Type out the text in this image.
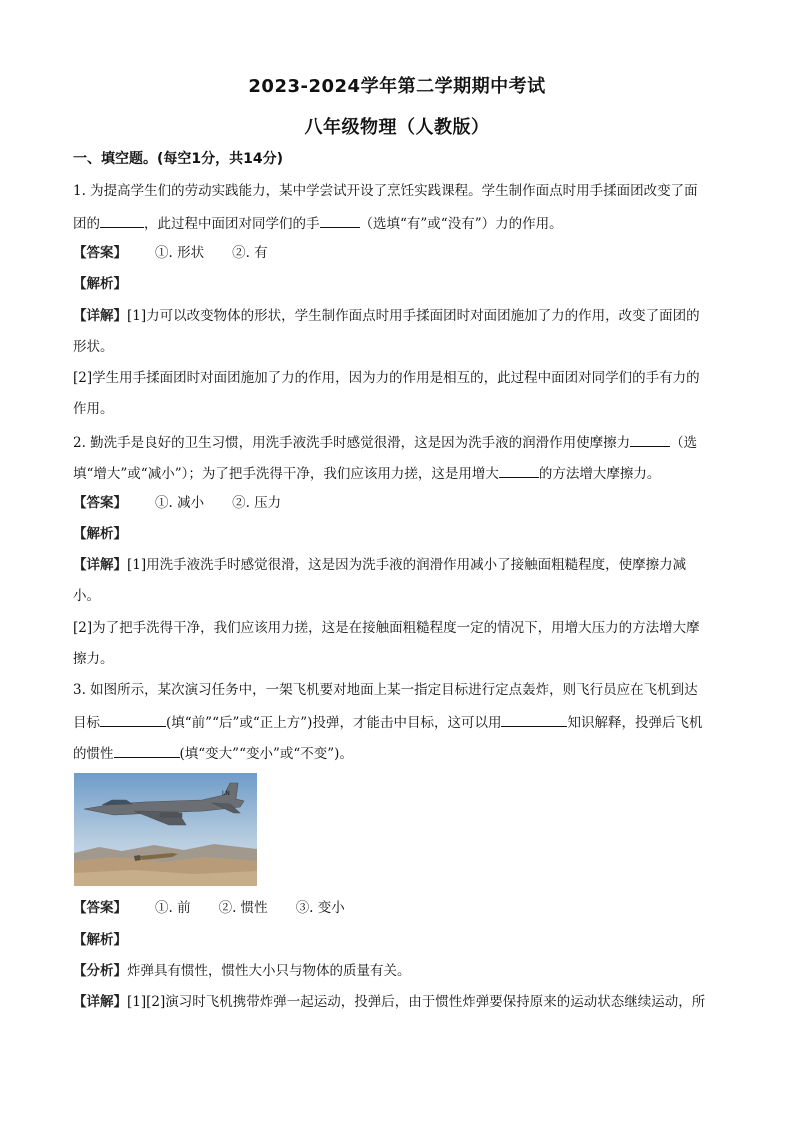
2023-2024学年第二学期期中考试
八年级物理（人教版）
一、填空题。(每空1分，共14分)
1. 为提高学生们的劳动实践能力，某中学尝试开设了烹饪实践课程。学生制作面点时用手揉面团改变了面
团的	，此过程中面团对同学们的手	（选填“有”或“没有”）力的作用。
【答案】 ①. 形状 ②. 有
【解析】
【详解】[1]力可以改变物体的形状，学生制作面点时用手揉面团时对面团施加了力的作用，改变了面团的
形状。
[2]学生用手揉面团时对面团施加了力的作用，因为力的作用是相互的，此过程中面团对同学们的手有力的
作用。
2. 勤洗手是良好的卫生习惯，用洗手液洗手时感觉很滑，这是因为洗手液的润滑作用使摩擦力	（选
填“增大”或“减小”）；为了把手洗得干净，我们应该用力搓，这是用增大	的方法增大摩擦力。
【答案】 ①. 减小 ②. 压力
【解析】
【详解】[1]用洗手液洗手时感觉很滑，这是因为洗手液的润滑作用减小了接触面粗糙程度，使摩擦力减
小。
[2]为了把手洗得干净，我们应该用力搓，这是在接触面粗糙程度一定的情况下，用增大压力的方法增大摩
擦力。
3. 如图所示，某次演习任务中，一架飞机要对地面上某一指定目标进行定点轰炸，则飞行员应在飞机到达
目标	(填“前”“后”或“正上方”)投弹，才能击中目标，这可以用	知识解释，投弹后飞机
的惯性	(填“变大”“变小”或“不变”)。
LN
【答案】 ①. 前 ②. 惯性 ③. 变小
【解析】
【分析】炸弹具有惯性，惯性大小只与物体的质量有关。
【详解】[1][2]演习时飞机携带炸弹一起运动，投弹后，由于惯性炸弹要保持原来的运动状态继续运动，所
